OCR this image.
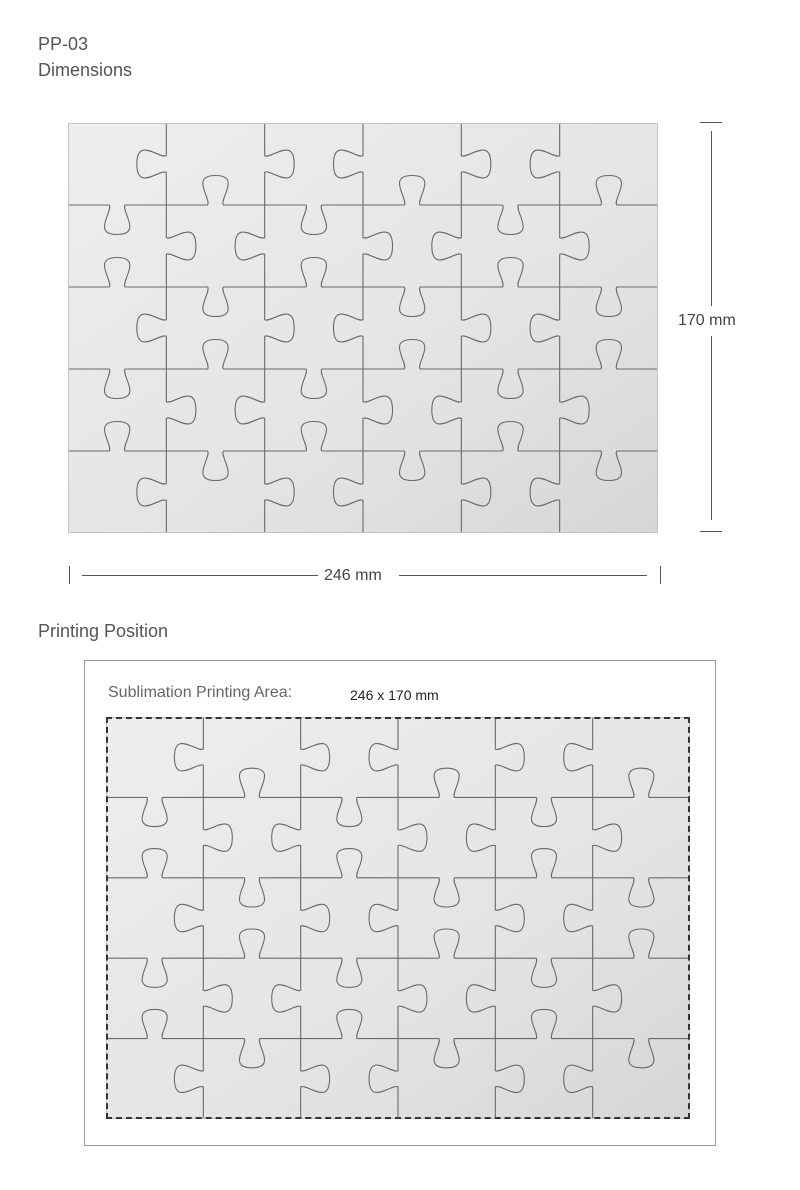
PP-03
Dimensions
170 mm
246 mm
Printing Position
Sublimation Printing Area:	246 x 170 mm
